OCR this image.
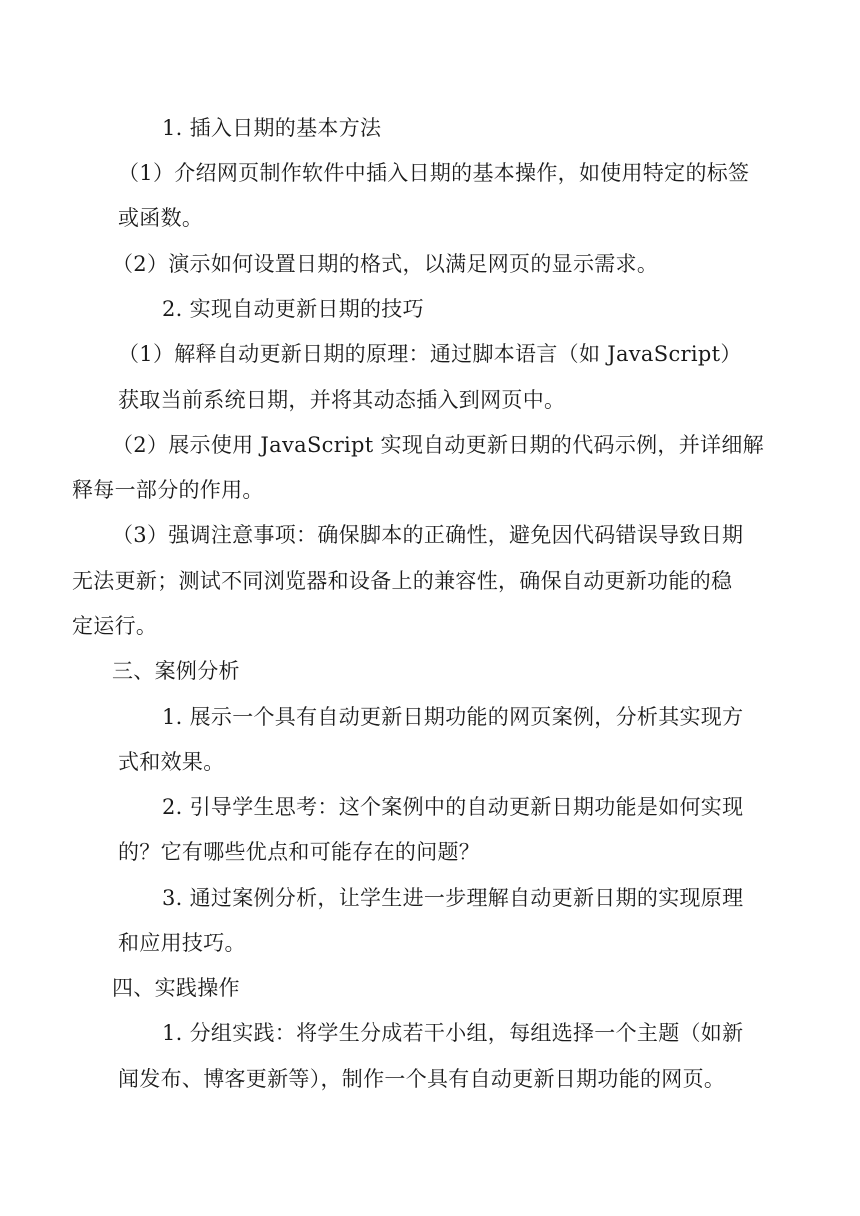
1. 插入日期的基本方法
（1）介绍网页制作软件中插入日期的基本操作，如使用特定的标签
或函数。
（2）演示如何设置日期的格式，以满足网页的显示需求。
2. 实现自动更新日期的技巧
（1）解释自动更新日期的原理：通过脚本语言（如 JavaScript）
获取当前系统日期，并将其动态插入到网页中。
（2）展示使用 JavaScript 实现自动更新日期的代码示例，并详细解
释每一部分的作用。
（3）强调注意事项：确保脚本的正确性，避免因代码错误导致日期
无法更新；测试不同浏览器和设备上的兼容性，确保自动更新功能的稳
定运行。
三、案例分析
1. 展示一个具有自动更新日期功能的网页案例，分析其实现方
式和效果。
2. 引导学生思考：这个案例中的自动更新日期功能是如何实现
的？它有哪些优点和可能存在的问题？
3. 通过案例分析，让学生进一步理解自动更新日期的实现原理
和应用技巧。
四、实践操作
1. 分组实践：将学生分成若干小组，每组选择一个主题（如新
闻发布、博客更新等），制作一个具有自动更新日期功能的网页。
